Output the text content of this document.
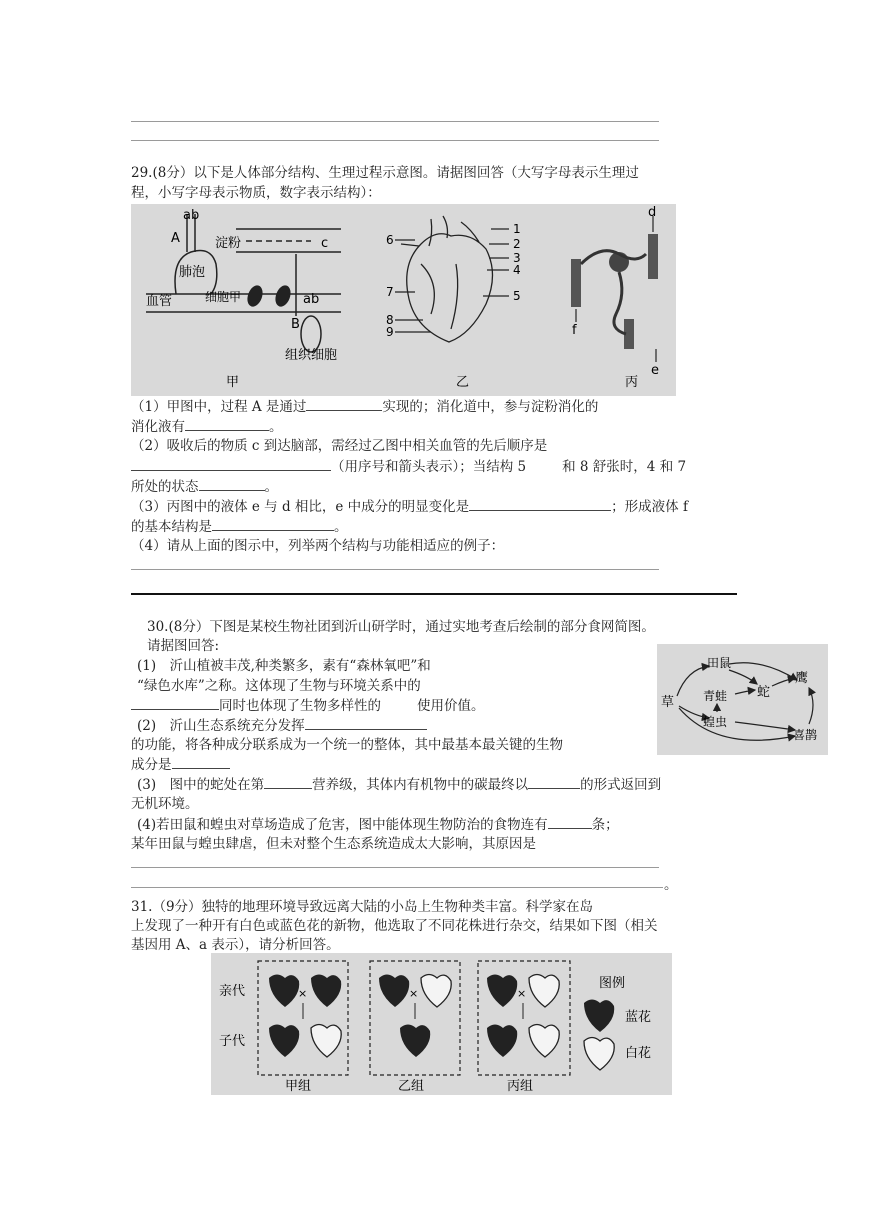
29.(8分）以下是人体部分结构、生理过程示意图。请据图回答（大写字母表示生理过
程，小写字母表示物质，数字表示结构）：
ab
A	淀粉	c
肺泡
血管	细胞甲	ab
B
组织细胞
甲
1
2
3
4
5
6
7
8
9
乙
d
f
e
丙
（1）甲图中，过程 A 是通过	实现的；消化道中，参与淀粉消化的
消化液有	。
（2）吸收后的物质 c 到达脑部，需经过乙图中相关血管的先后顺序是
（用序号和箭头表示）；当结构 5	和 8 舒张时，4 和 7
所处的状态	。
（3）丙图中的液体 e 与 d 相比，e 中成分的明显变化是	；形成液体 f
的基本结构是	。
（4）请从上面的图示中，列举两个结构与功能相适应的例子：
30.(8分）下图是某校生物社团到沂山研学时，通过实地考查后绘制的部分食网简图。
请据图回答:
(1)　沂山植被丰茂,种类繁多，素有“森林氧吧”和
“绿色水库”之称。这体现了生物与环境关系中的
同时也体现了生物多样性的	使用价值。
(2)　沂山生态系统充分发挥
的功能，将各种成分联系成为一个统一的整体，其中最基本最关键的生物
成分是
草
田鼠
青蛙
蝗虫
蛇
鹰
喜鹊
(3)　图中的蛇处在第	营养级，其体内有机物中的碳最终以	的形式返回到
无机环境。
(4)若田鼠和蝗虫对草场造成了危害，图中能体现生物防治的食物连有	条；
某年田鼠与蝗虫肆虐，但未对整个生态系统造成太大影响，其原因是
。
31.（9分）独特的地理环境导致远离大陆的小岛上生物种类丰富。科学家在岛
上发现了一种开有白色或蓝色花的新物，他选取了不同花株进行杂交，结果如下图（相关
基因用 A、a 表示），请分析回答。
亲代
子代
×	×	×
图例
蓝花
白花
甲组	乙组	丙组
